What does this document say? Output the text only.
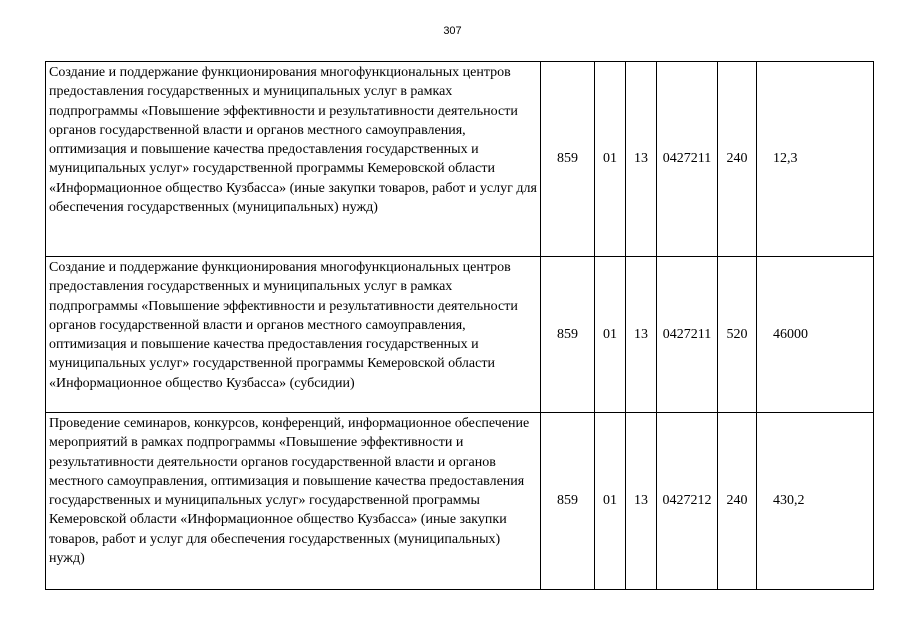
307
Создание и поддержание функционирования многофункциональных центров предоставления государственных и муниципальных услуг в рамках подпрограммы «Повышение эффективности и результативности деятельности органов государственной власти и органов местного самоуправления, оптимизация и повышение качества предоставления государственных и муниципальных услуг» государственной программы Кемеровской области «Информационное общество Кузбасса» (иные закупки товаров, работ и услуг для обеспечения государственных (муниципальных) нужд)	859	01	13	0427211	240	12,3
Создание и поддержание функционирования многофункциональных центров предоставления государственных и муниципальных услуг в рамках подпрограммы «Повышение эффективности и результативности деятельности органов государственной власти и органов местного самоуправления, оптимизация и повышение качества предоставления государственных и муниципальных услуг» государственной программы Кемеровской области «Информационное общество Кузбасса» (субсидии)	859	01	13	0427211	520	46000
Проведение семинаров, конкурсов, конференций, информационное обеспечение мероприятий в рамках подпрограммы «Повышение эффективности и результативности деятельности органов государственной власти и органов местного самоуправления, оптимизация и повышение качества предоставления государственных и муниципальных услуг» государственной программы Кемеровской области «Информационное общество Кузбасса» (иные закупки товаров, работ и услуг для обеспечения государственных (муниципальных) нужд)	859	01	13	0427212	240	430,2
